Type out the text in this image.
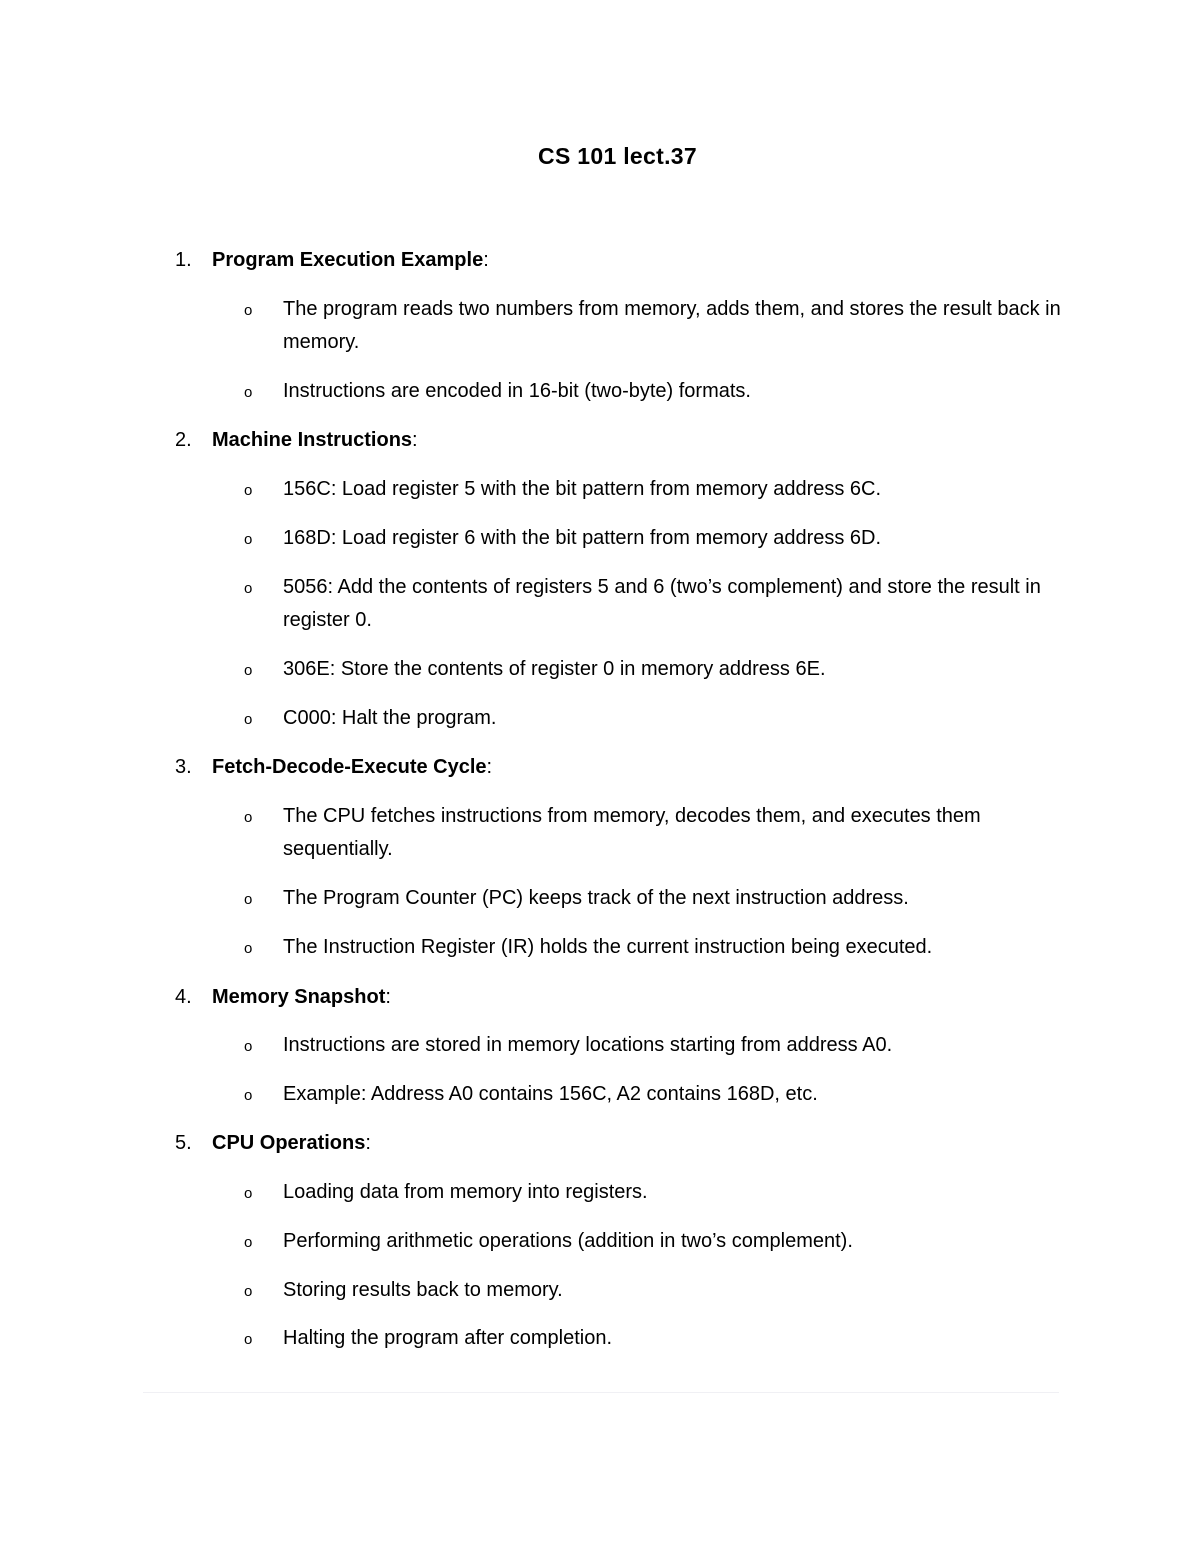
CS 101 lect.37
1. Program Execution Example:
o The program reads two numbers from memory, adds them, and stores the result back in memory.
o Instructions are encoded in 16-bit (two-byte) formats.
2. Machine Instructions:
o 156C: Load register 5 with the bit pattern from memory address 6C.
o 168D: Load register 6 with the bit pattern from memory address 6D.
o 5056: Add the contents of registers 5 and 6 (two’s complement) and store the result in register 0.
o 306E: Store the contents of register 0 in memory address 6E.
o C000: Halt the program.
3. Fetch-Decode-Execute Cycle:
o The CPU fetches instructions from memory, decodes them, and executes them sequentially.
o The Program Counter (PC) keeps track of the next instruction address.
o The Instruction Register (IR) holds the current instruction being executed.
4. Memory Snapshot:
o Instructions are stored in memory locations starting from address A0.
o Example: Address A0 contains 156C, A2 contains 168D, etc.
5. CPU Operations:
o Loading data from memory into registers.
o Performing arithmetic operations (addition in two’s complement).
o Storing results back to memory.
o Halting the program after completion.
